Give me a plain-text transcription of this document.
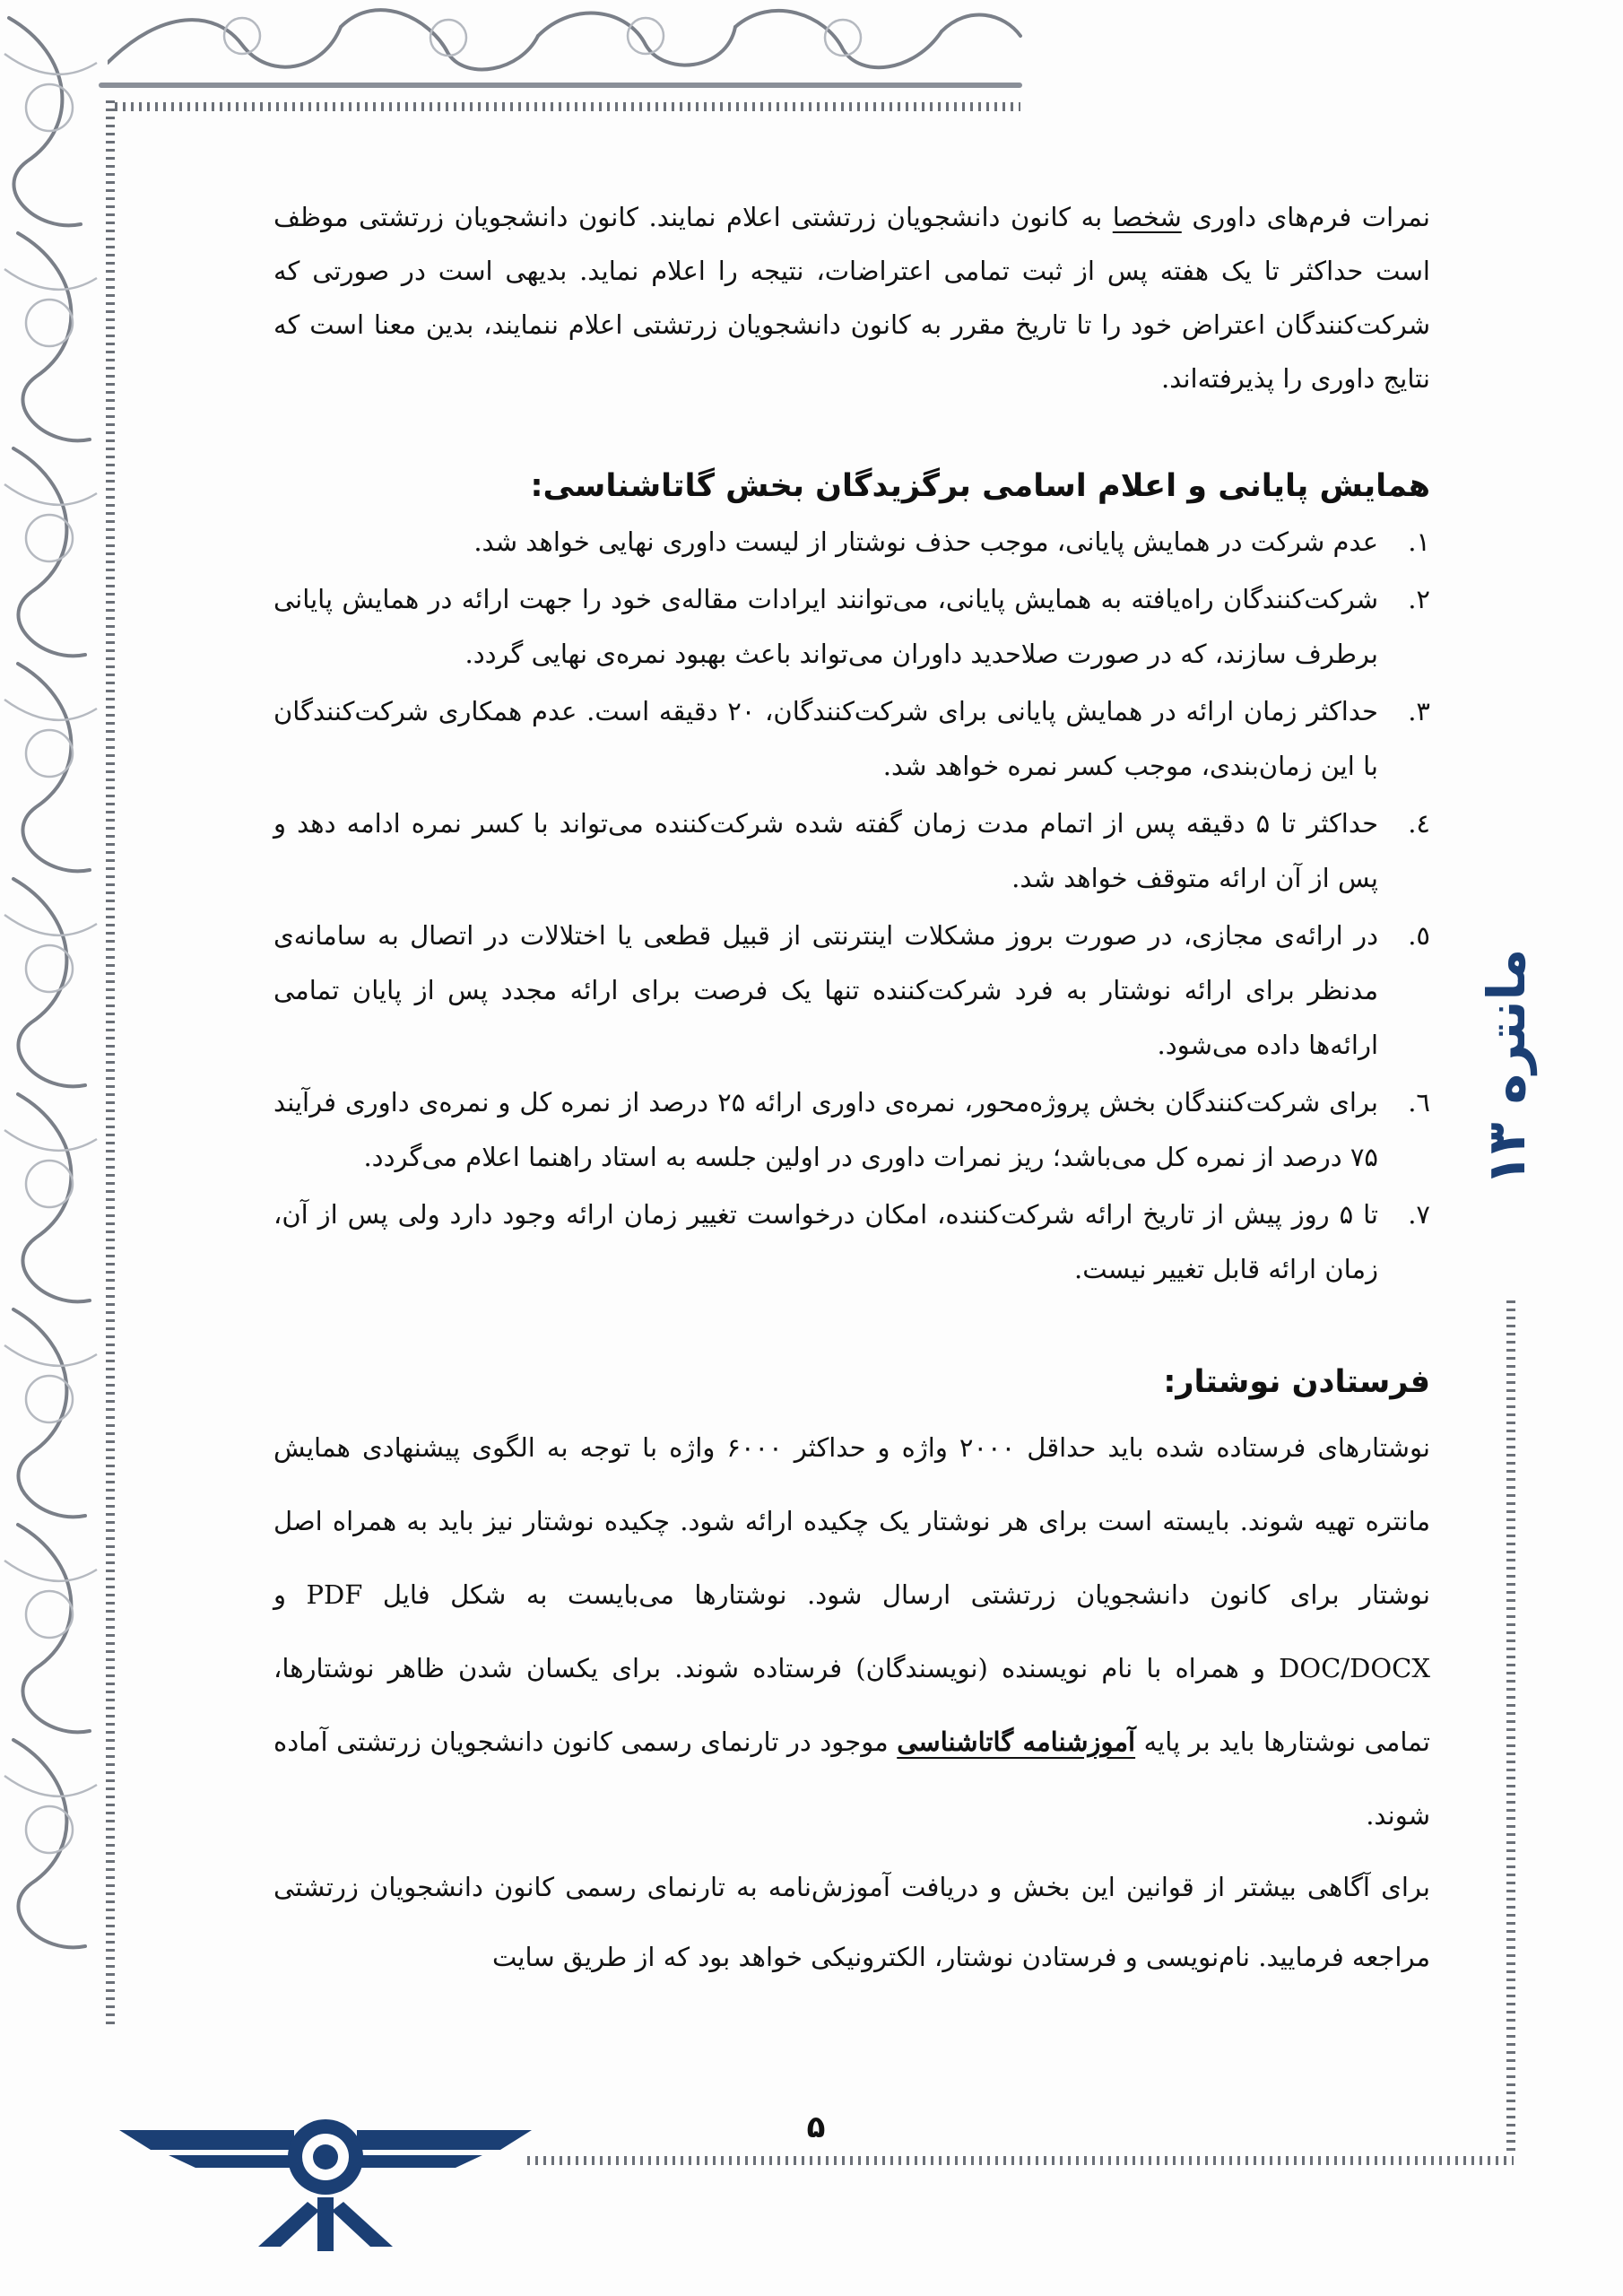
مانتره ۱۳

نمرات فرم‌های داوری شخصا به کانون دانشجویان زرتشتی اعلام نمایند. کانون دانشجویان زرتشتی موظف است حداکثر تا یک هفته پس از ثبت تمامی اعتراضات، نتیجه را اعلام نماید. بدیهی است در صورتی که شرکت‌کنندگان اعتراض خود را تا تاریخ مقرر به کانون دانشجویان زرتشتی اعلام ننمایند، بدین معنا است که نتایج داوری را پذیرفته‌اند.

همایش پایانی و اعلام اسامی برگزیدگان بخش گاتاشناسی:
۱.
عدم شرکت در همایش پایانی، موجب حذف نوشتار از لیست داوری نهایی خواهد شد.
۲.
شرکت‌کنندگان راه‌یافته به همایش پایانی، می‌توانند ایرادات مقاله‌ی خود را جهت ارائه در همایش پایانی برطرف سازند، که در صورت صلاحدید داوران می‌تواند باعث بهبود نمره‌ی نهایی گردد.
۳.
حداکثر زمان ارائه در همایش پایانی برای شرکت‌کنندگان، ۲۰ دقیقه است. عدم همکاری شرکت‌کنندگان با این زمان‌بندی، موجب کسر نمره خواهد شد.
٤.
حداکثر تا ۵ دقیقه پس از اتمام مدت زمان گفته شده شرکت‌کننده می‌تواند با کسر نمره ادامه دهد و پس از آن ارائه متوقف خواهد شد.
٥.
در ارائه‌ی مجازی، در صورت بروز مشکلات اینترنتی از قبیل قطعی یا اختلالات در اتصال به سامانه‌ی مدنظر برای ارائه نوشتار به فرد شرکت‌کننده تنها یک فرصت برای ارائه مجدد پس از پایان تمامی ارائه‌ها داده می‌شود.
٦.
برای شرکت‌کنندگان بخش پروژه‌محور، نمره‌ی داوری ارائه ۲۵ درصد از نمره کل و نمره‌ی داوری فرآیند ۷۵ درصد از نمره کل می‌باشد؛ ریز نمرات داوری در اولین جلسه به استاد راهنما اعلام می‌گردد.
۷.
تا ۵ روز پیش از تاریخ ارائه شرکت‌کننده، امکان درخواست تغییر زمان ارائه وجود دارد ولی پس از آن، زمان ارائه قابل تغییر نیست.
فرستادن نوشتار:

نوشتارهای فرستاده شده باید حداقل ۲۰۰۰ واژه و حداکثر ۶۰۰۰ واژه با توجه به الگوی پیشنهادی همایش مانتره تهیه شوند. بایسته است برای هر نوشتار یک چکیده ارائه شود. چکیده نوشتار نیز باید به همراه اصل نوشتار برای کانون دانشجویان زرتشتی ارسال شود. نوشتارها می‌بایست به شکل فایل PDF و DOC/DOCX و همراه با نام نویسنده (نویسندگان) فرستاده شوند. برای یکسان شدن ظاهر نوشتارها، تمامی نوشتارها باید بر پایه آموزشنامه گاتاشناسی موجود در تارنمای رسمی کانون دانشجویان زرتشتی آماده شوند.

برای آگاهی بیشتر از قوانین این بخش و دریافت آموزش‌نامه به تارنمای رسمی کانون دانشجویان زرتشتی مراجعه فرمایید. نام‌نویسی و فرستادن نوشتار، الکترونیکی خواهد بود که از طریق سایت

۵
